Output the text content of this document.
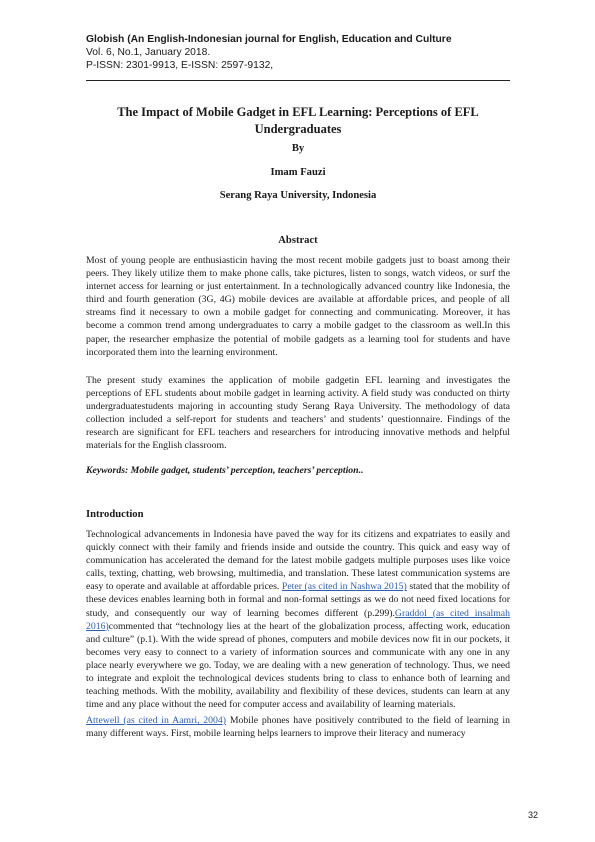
Globish (An English-Indonesian journal for English, Education and Culture
Vol. 6, No.1, January 2018.
P-ISSN: 2301-9913, E-ISSN: 2597-9132,
The Impact of Mobile Gadget in EFL Learning: Perceptions of EFL Undergraduates
By
Imam Fauzi
Serang Raya University, Indonesia
Abstract

Most of young people are enthusiasticin having the most recent mobile gadgets just to boast among their peers. They likely utilize them to make phone calls, take pictures, listen to songs, watch videos, or surf the internet access for learning or just entertainment. In a technologically advanced country like Indonesia, the third and fourth generation (3G, 4G) mobile devices are available at affordable prices, and people of all streams find it necessary to own a mobile gadget for connecting and communicating. Moreover, it has become a common trend among undergraduates to carry a mobile gadget to the classroom as well.In this paper, the researcher emphasize the potential of mobile gadgets as a learning tool for students and have incorporated them into the learning environment.

The present study examines the application of mobile gadgetin EFL learning and investigates the perceptions of EFL students about mobile gadget in learning activity. A field study was conducted on thirty undergraduatestudents majoring in accounting study Serang Raya University. The methodology of data collection included a self-report for students and teachers’ and students’ questionnaire. Findings of the research are significant for EFL teachers and researchers for introducing innovative methods and helpful materials for the English classroom.

Keywords: Mobile gadget, students’ perception, teachers’ perception..
Introduction

Technological advancements in Indonesia have paved the way for its citizens and expatriates to easily and quickly connect with their family and friends inside and outside the country. This quick and easy way of communication has accelerated the demand for the latest mobile gadgets multiple purposes uses like voice calls, texting, chatting, web browsing, multimedia, and translation. These latest communication systems are easy to operate and available at affordable prices. Peter (as cited in Nashwa 2015) stated that the mobility of these devices enables learning both in formal and non-formal settings as we do not need fixed locations for study, and consequently our way of learning becomes different (p.299).Graddol (as cited insalmah 2016)commented that “technology lies at the heart of the globalization process, affecting work, education and culture” (p.1). With the wide spread of phones, computers and mobile devices now fit in our pockets, it becomes very easy to connect to a variety of information sources and communicate with any one in any place nearly everywhere we go. Today, we are dealing with a new generation of technology. Thus, we need to integrate and exploit the technological devices students bring to class to enhance both of learning and teaching methods. With the mobility, availability and flexibility of these devices, students can learn at any time and any place without the need for computer access and availability of learning materials.

Attewell (as cited in Aamri, 2004) Mobile phones have positively contributed to the field of learning in many different ways. First, mobile learning helps learners to improve their literacy and numeracy

32
